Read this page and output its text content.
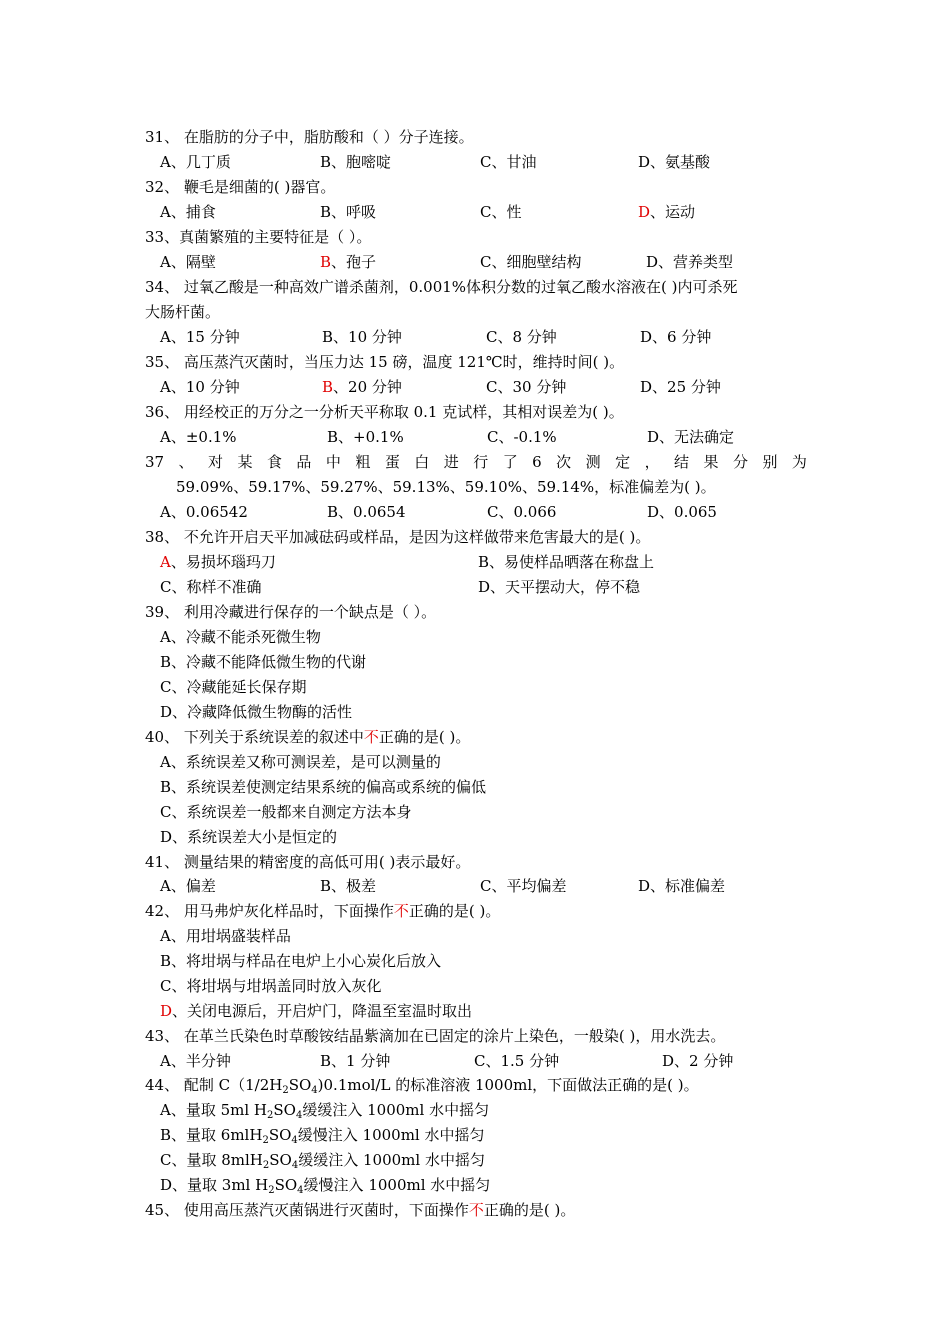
31、 在脂肪的分子中，脂肪酸和（ ）分子连接。
A、几丁质	B、胞嘧啶	C、甘油	D、氨基酸
32、 鞭毛是细菌的( )器官。
A、捕食	B、呼吸	C、性	D、运动
33、真菌繁殖的主要特征是（ ）。
A、隔壁	B、孢子	C、细胞壁结构	D、营养类型
34、 过氧乙酸是一种高效广谱杀菌剂，0.001%体积分数的过氧乙酸水溶液在( )内可杀死
大肠杆菌。
A、15 分钟	B、10 分钟	C、8 分钟	D、6 分钟
35、 高压蒸汽灭菌时，当压力达 15 磅，温度 121℃时，维持时间( )。
A、10 分钟	B、20 分钟	C、30 分钟	D、25 分钟
36、 用经校正的万分之一分析天平称取 0.1 克试样，其相对误差为( )。
A、±0.1%	B、+0.1%	C、-0.1%	D、无法确定
37 、 对 某 食 品 中 粗 蛋 白 进 行 了 6 次 测 定 ， 结 果 分 别 为
59.09%、59.17%、59.27%、59.13%、59.10%、59.14%，标准偏差为( )。
A、0.06542	B、0.0654	C、0.066	D、0.065
38、 不允许开启天平加减砝码或样品，是因为这样做带来危害最大的是( )。
A、易损坏瑙玛刀	B、易使样品晒落在称盘上
C、称样不准确	D、天平摆动大，停不稳
39、 利用冷藏进行保存的一个缺点是（ ）。
A、冷藏不能杀死微生物
B、冷藏不能降低微生物的代谢
C、冷藏能延长保存期
D、冷藏降低微生物酶的活性
40、 下列关于系统误差的叙述中不正确的是( )。
A、系统误差又称可测误差，是可以测量的
B、系统误差使测定结果系统的偏高或系统的偏低
C、系统误差一般都来自测定方法本身
D、系统误差大小是恒定的
41、 测量结果的精密度的高低可用( )表示最好。
A、偏差	B、极差	C、平均偏差	D、标准偏差
42、 用马弗炉灰化样品时，下面操作不正确的是( )。
A、用坩埚盛装样品
B、将坩埚与样品在电炉上小心炭化后放入
C、将坩埚与坩埚盖同时放入灰化
D、关闭电源后，开启炉门，降温至室温时取出
43、 在革兰氏染色时草酸铵结晶紫滴加在已固定的涂片上染色，一般染( )，用水洗去。
A、半分钟	B、1 分钟	C、1.5 分钟	D、2 分钟
44、 配制 $C(1/2H_2SO_4)0.1mol/L$ 的标准溶液 1000ml，下面做法正确的是( )。
A、量取 5ml $H_2SO_4$缓缓注入 1000ml 水中摇匀
B、量取 $6mlH_2SO_4$缓慢注入 1000ml 水中摇匀
C、量取 $8mlH_2SO_4$缓缓注入 1000ml 水中摇匀
D、量取 3ml $H_2SO_4$缓慢注入 1000ml 水中摇匀
45、 使用高压蒸汽灭菌锅进行灭菌时，下面操作不正确的是( )。
